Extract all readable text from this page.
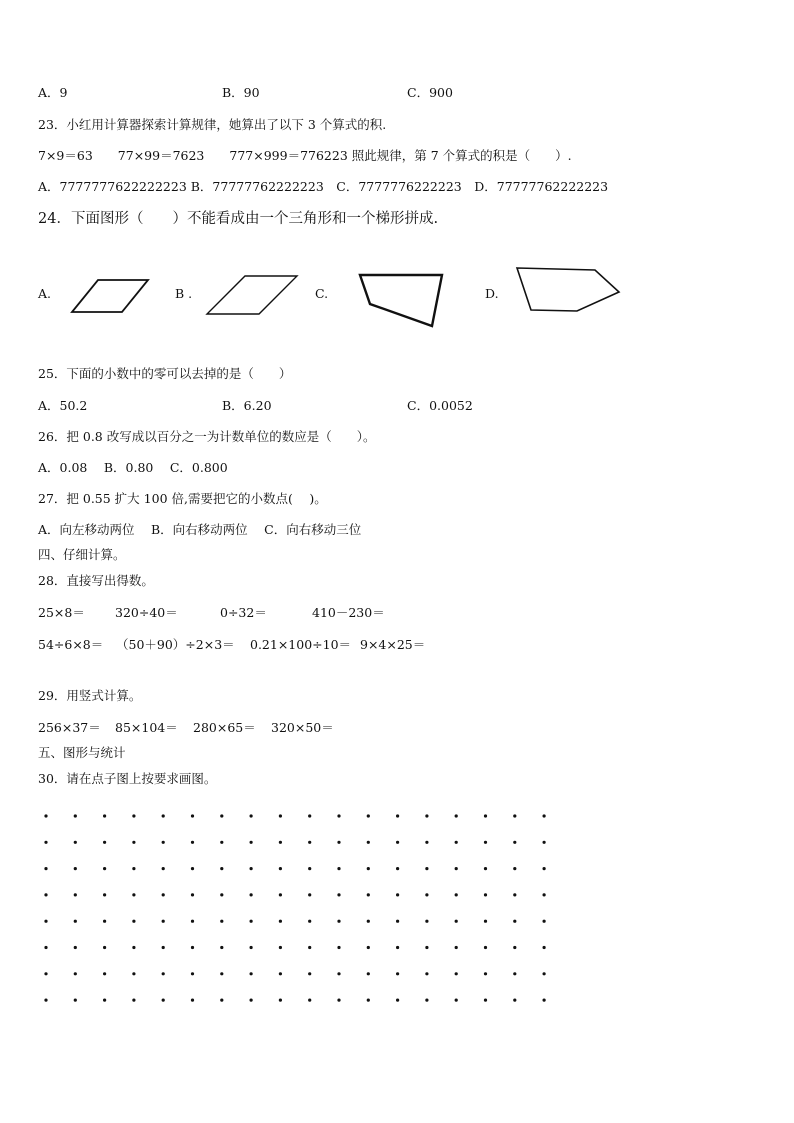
A．9	B．90	C．900
23．小红用计算器探索计算规律，她算出了以下 3 个算式的积.
7×9＝63　　77×99＝7623　　777×999＝776223 照此规律，第 7 个算式的积是（　　）.
A．7777777622222223 B．77777762222223　C．7777776222223　D．77777762222223
24．下面图形（　　）不能看成由一个三角形和一个梯形拼成.
A.	B .	C.	D.
25．下面的小数中的零可以去掉的是（　　）
A．50.2	B．6.20	C．0.0052
26．把 0.8 改写成以百分之一为计数单位的数应是（　　）。
A．0.08　 B．0.80　 C．0.800
27．把 0.55 扩大 100 倍,需要把它的小数点(　 )。
A．向左移动两位　 B．向右移动两位　 C．向右移动三位
四、仔细计算。
28．直接写出得数。
25×8＝ 320÷40＝	0÷32＝	410－230＝
54÷6×8＝ （50＋90）÷2×3＝ 0.21×100÷10＝ 9×4×25＝
29．用竖式计算。
256×37＝ 85×104＝ 280×65＝ 320×50＝
五、图形与统计
30．请在点子图上按要求画图。
